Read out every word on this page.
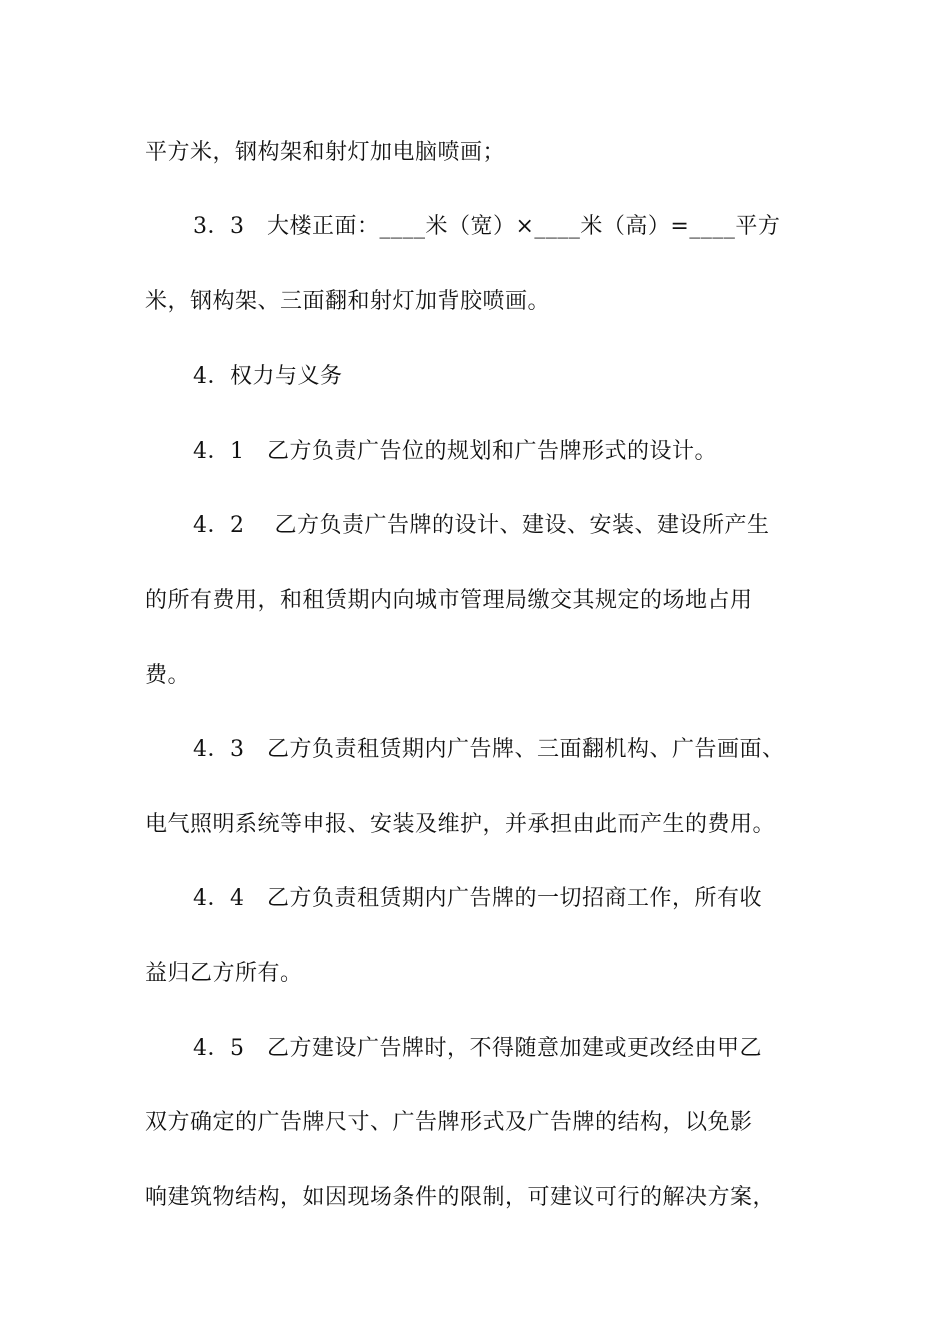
平方米，钢构架和射灯加电脑喷画；
3．3　大楼正面：____米（宽）×____米（高）=____平方
米，钢构架、三面翻和射灯加背胶喷画。
4．权力与义务
4．1　乙方负责广告位的规划和广告牌形式的设计。
4．2　 乙方负责广告牌的设计、建设、安装、建设所产生
的所有费用，和租赁期内向城市管理局缴交其规定的场地占用
费。
4．3　乙方负责租赁期内广告牌、三面翻机构、广告画面、
电气照明系统等申报、安装及维护，并承担由此而产生的费用。
4．4　乙方负责租赁期内广告牌的一切招商工作，所有收
益归乙方所有。
4．5　乙方建设广告牌时，不得随意加建或更改经由甲乙
双方确定的广告牌尺寸、广告牌形式及广告牌的结构，以免影
响建筑物结构，如因现场条件的限制，可建议可行的解决方案，
